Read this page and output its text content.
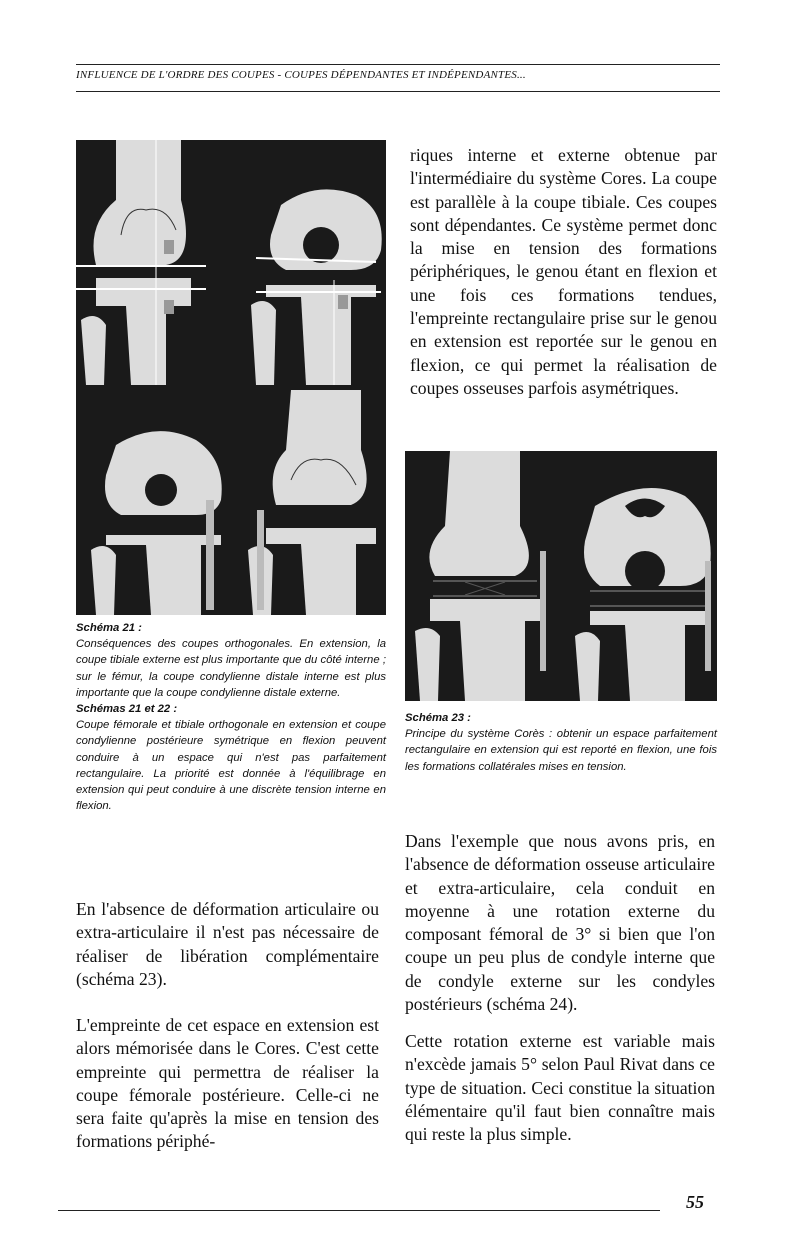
INFLUENCE DE L'ORDRE DES COUPES - COUPES DÉPENDANTES ET INDÉPENDANTES...
Schéma 21 :

Conséquences des coupes orthogonales. En extension, la coupe tibiale externe est plus importante que du côté interne ; sur le fémur, la coupe condylienne distale interne est plus importante que la coupe condylienne distale externe.

Schémas 21 et 22 :

Coupe fémorale et tibiale orthogonale en extension et coupe condylienne postérieure symétrique en flexion peuvent conduire à un espace qui n'est pas parfaitement rectangulaire. La priorité est donnée à l'équilibrage en extension qui peut conduire à une discrète tension interne en flexion.

En l'absence de déformation articulaire ou extra-articulaire il n'est pas nécessaire de réaliser de libération complémentaire (schéma 23).

L'empreinte de cet espace en extension est alors mémorisée dans le Cores. C'est cette empreinte qui permettra de réaliser la coupe fémorale postérieure. Celle-ci ne sera faite qu'après la mise en tension des formations périphé-

riques interne et externe obtenue par l'intermédiaire du système Cores. La coupe est parallèle à la coupe tibiale. Ces coupes sont dépendantes. Ce système permet donc la mise en tension des formations périphériques, le genou étant en flexion et une fois ces formations tendues, l'empreinte rectangulaire prise sur le genou en extension est reportée sur le genou en flexion, ce qui permet la réalisation de coupes osseuses parfois asymétriques.

Schéma 23 :

Principe du système Corès : obtenir un espace parfaitement rectangulaire en extension qui est reporté en flexion, une fois les formations collatérales mises en tension.

Dans l'exemple que nous avons pris, en l'absence de déformation osseuse articulaire et extra-articulaire, cela conduit en moyenne à une rotation externe du composant fémoral de 3° si bien que l'on coupe un peu plus de condyle interne que de condyle externe sur les condyles postérieurs (schéma 24).

Cette rotation externe est variable mais n'excède jamais 5° selon Paul Rivat dans ce type de situation. Ceci constitue la situation élémentaire qu'il faut bien connaître mais qui reste la plus simple.

55
